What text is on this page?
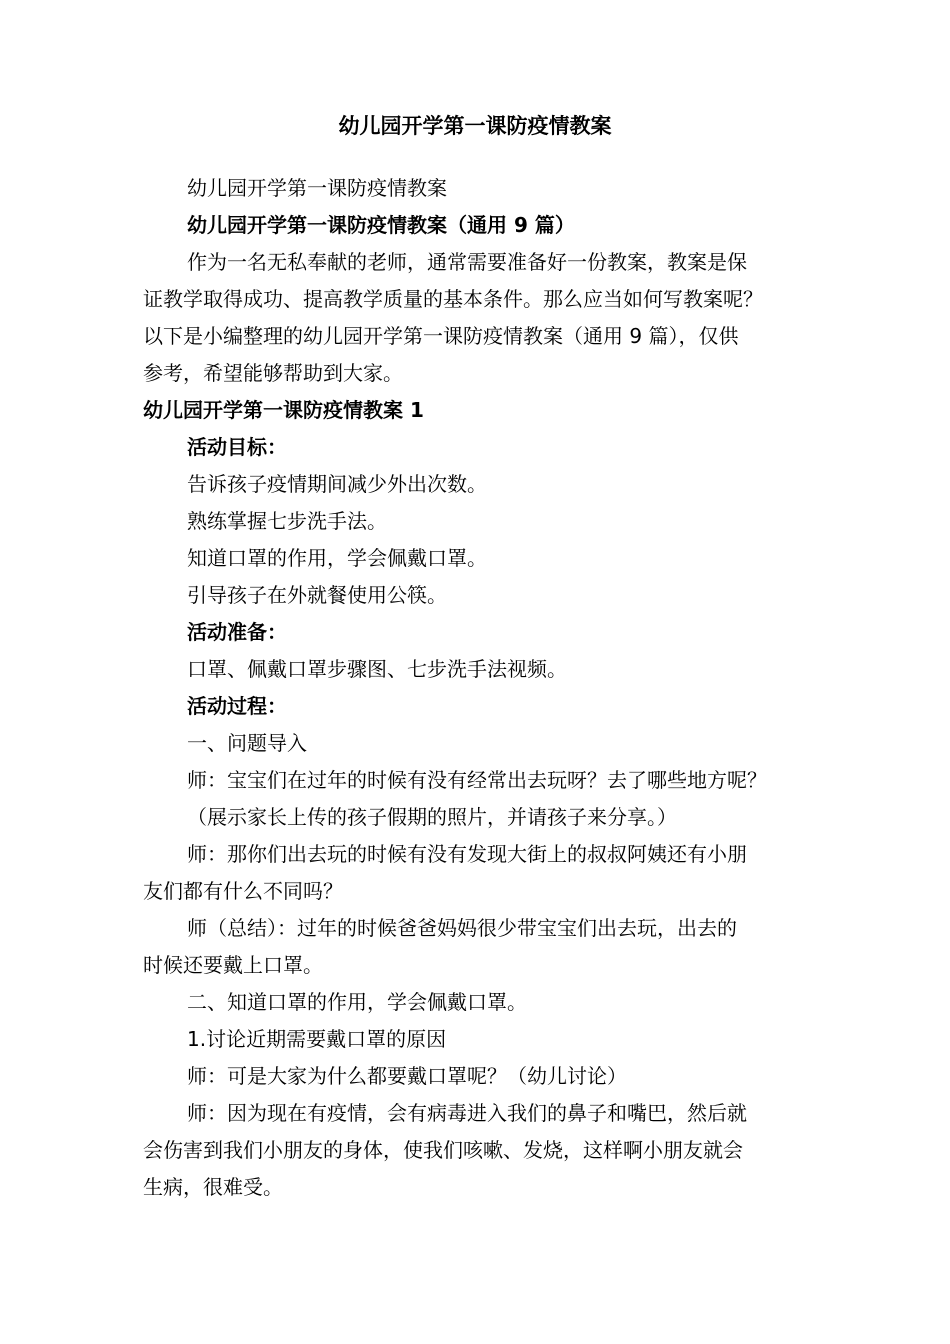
幼儿园开学第一课防疫情教案

幼儿园开学第一课防疫情教案

幼儿园开学第一课防疫情教案（通用 9 篇）

作为一名无私奉献的老师，通常需要准备好一份教案，教案是保

证教学取得成功、提高教学质量的基本条件。那么应当如何写教案呢？

以下是小编整理的幼儿园开学第一课防疫情教案（通用 9 篇），仅供

参考，希望能够帮助到大家。

幼儿园开学第一课防疫情教案 1

活动目标：

告诉孩子疫情期间减少外出次数。

熟练掌握七步洗手法。

知道口罩的作用，学会佩戴口罩。

引导孩子在外就餐使用公筷。

活动准备：

口罩、佩戴口罩步骤图、七步洗手法视频。

活动过程：

一、问题导入

师：宝宝们在过年的时候有没有经常出去玩呀？去了哪些地方呢？

（展示家长上传的孩子假期的照片，并请孩子来分享。）

师：那你们出去玩的时候有没有发现大街上的叔叔阿姨还有小朋

友们都有什么不同吗？

师（总结）：过年的时候爸爸妈妈很少带宝宝们出去玩，出去的

时候还要戴上口罩。

二、知道口罩的作用，学会佩戴口罩。

1.讨论近期需要戴口罩的原因

师：可是大家为什么都要戴口罩呢？（幼儿讨论）

师：因为现在有疫情，会有病毒进入我们的鼻子和嘴巴，然后就

会伤害到我们小朋友的身体，使我们咳嗽、发烧，这样啊小朋友就会

生病，很难受。
